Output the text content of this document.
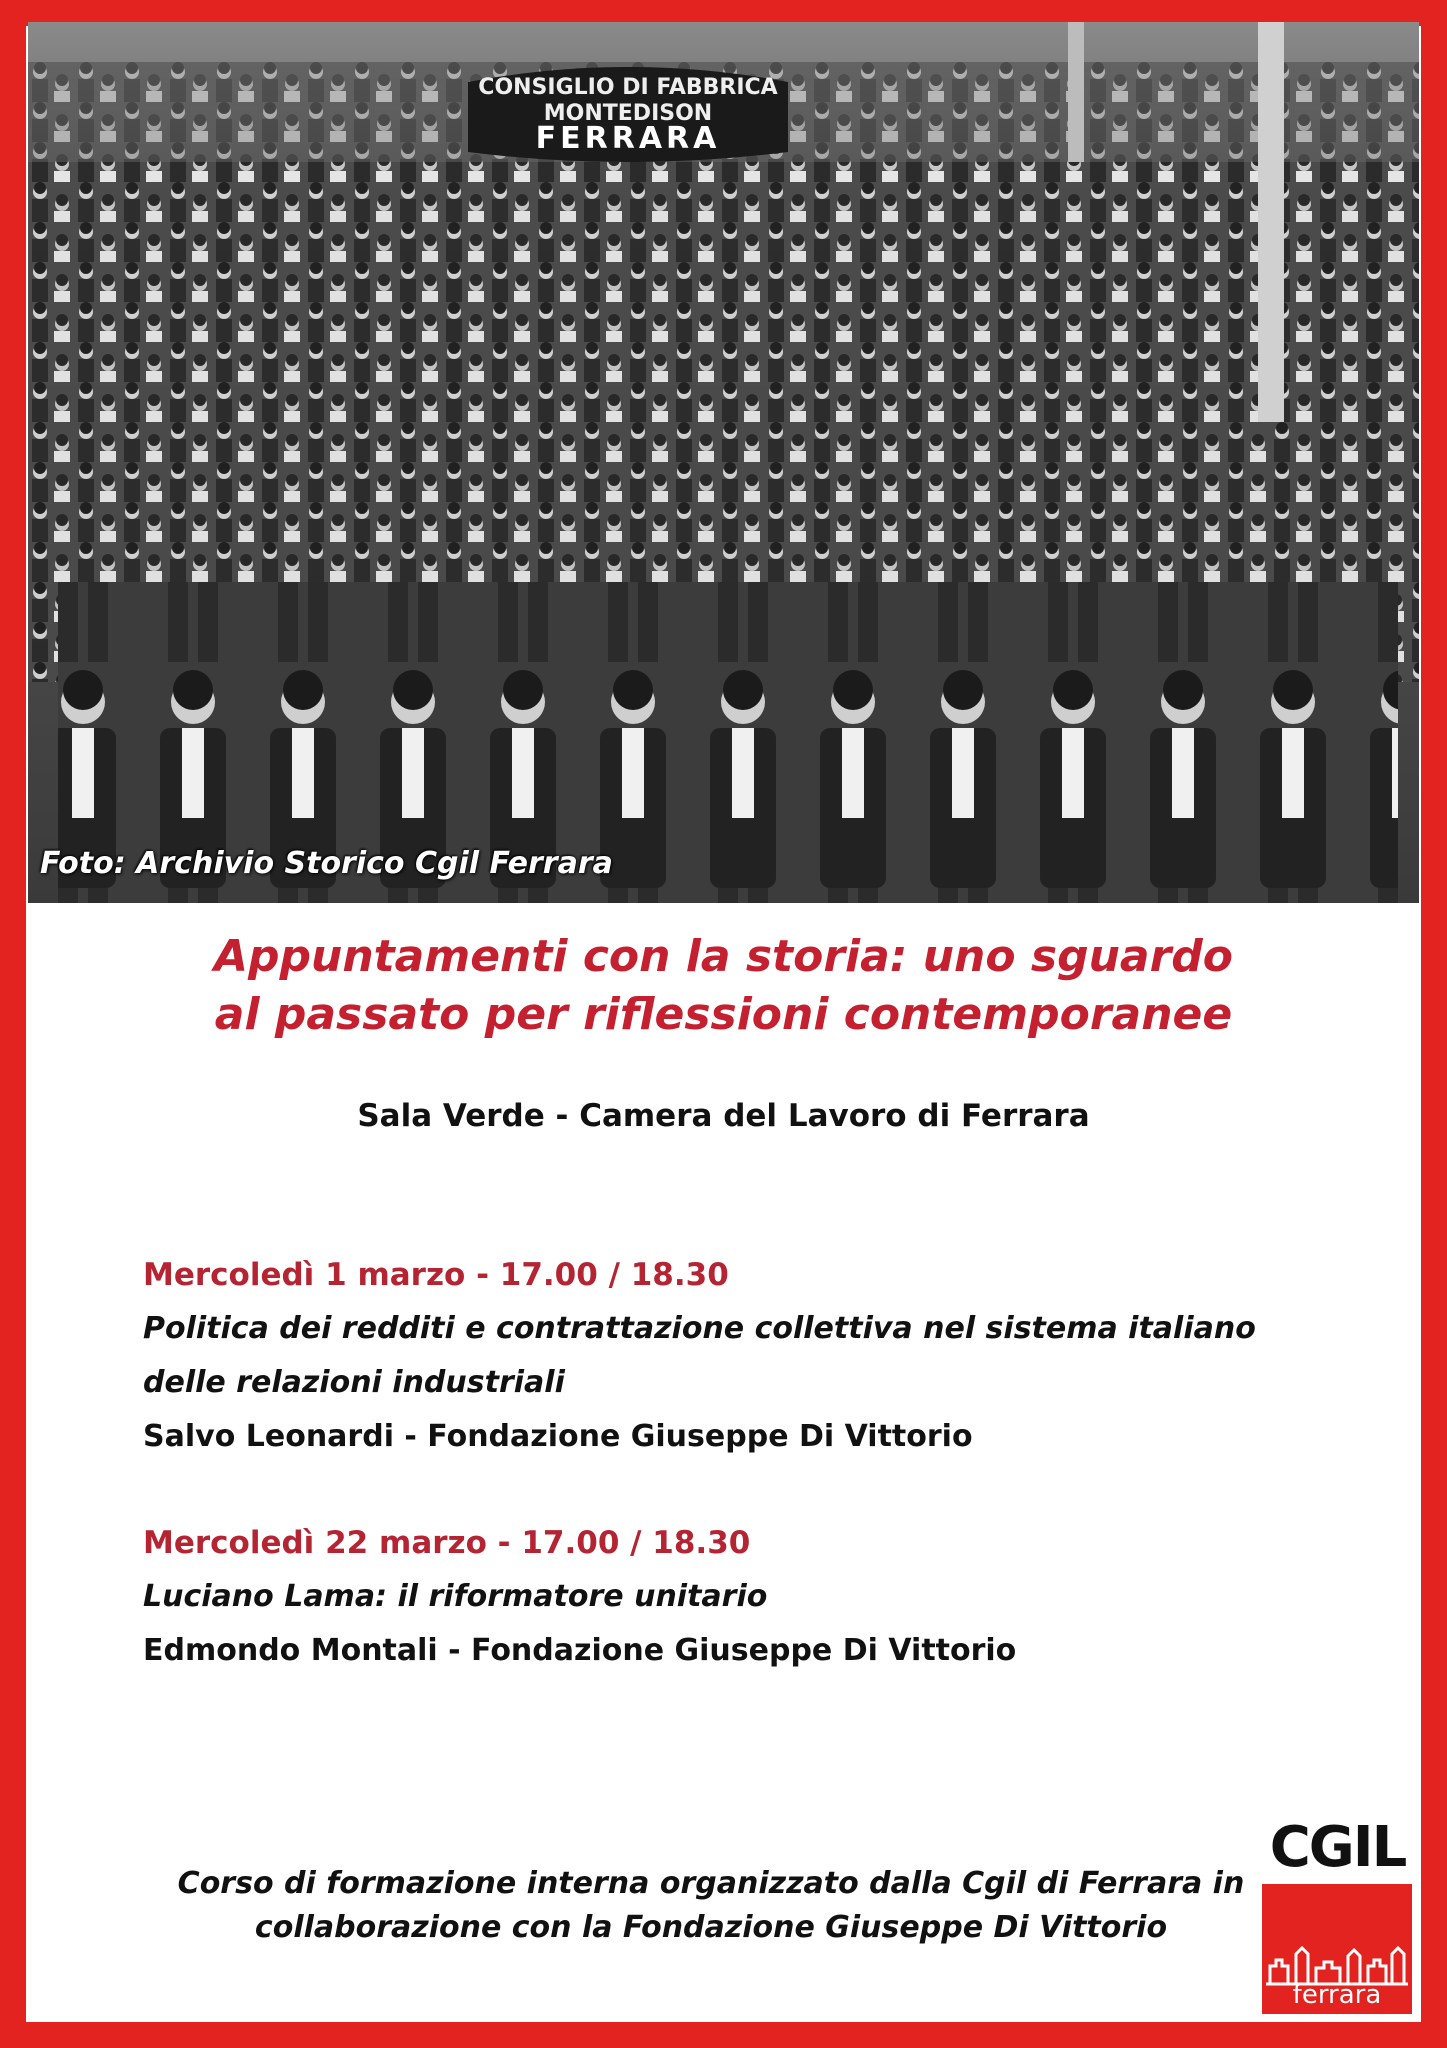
CONSIGLIO DI FABBRICA
MONTEDISON
FERRARA
Foto: Archivio Storico Cgil Ferrara
Appuntamenti con la storia: uno sguardo
al passato per riflessioni contemporanee
Sala Verde - Camera del Lavoro di Ferrara
Mercoledì 1 marzo - 17.00 / 18.30
Politica dei redditi e contrattazione collettiva nel sistema italiano
delle relazioni industriali
Salvo Leonardi - Fondazione Giuseppe Di Vittorio
Mercoledì 22 marzo - 17.00 / 18.30
Luciano Lama: il riformatore unitario
Edmondo Montali - Fondazione Giuseppe Di Vittorio
Corso di formazione interna organizzato dalla Cgil di Ferrara in
collaborazione con la Fondazione Giuseppe Di Vittorio
CGIL
ferrara
